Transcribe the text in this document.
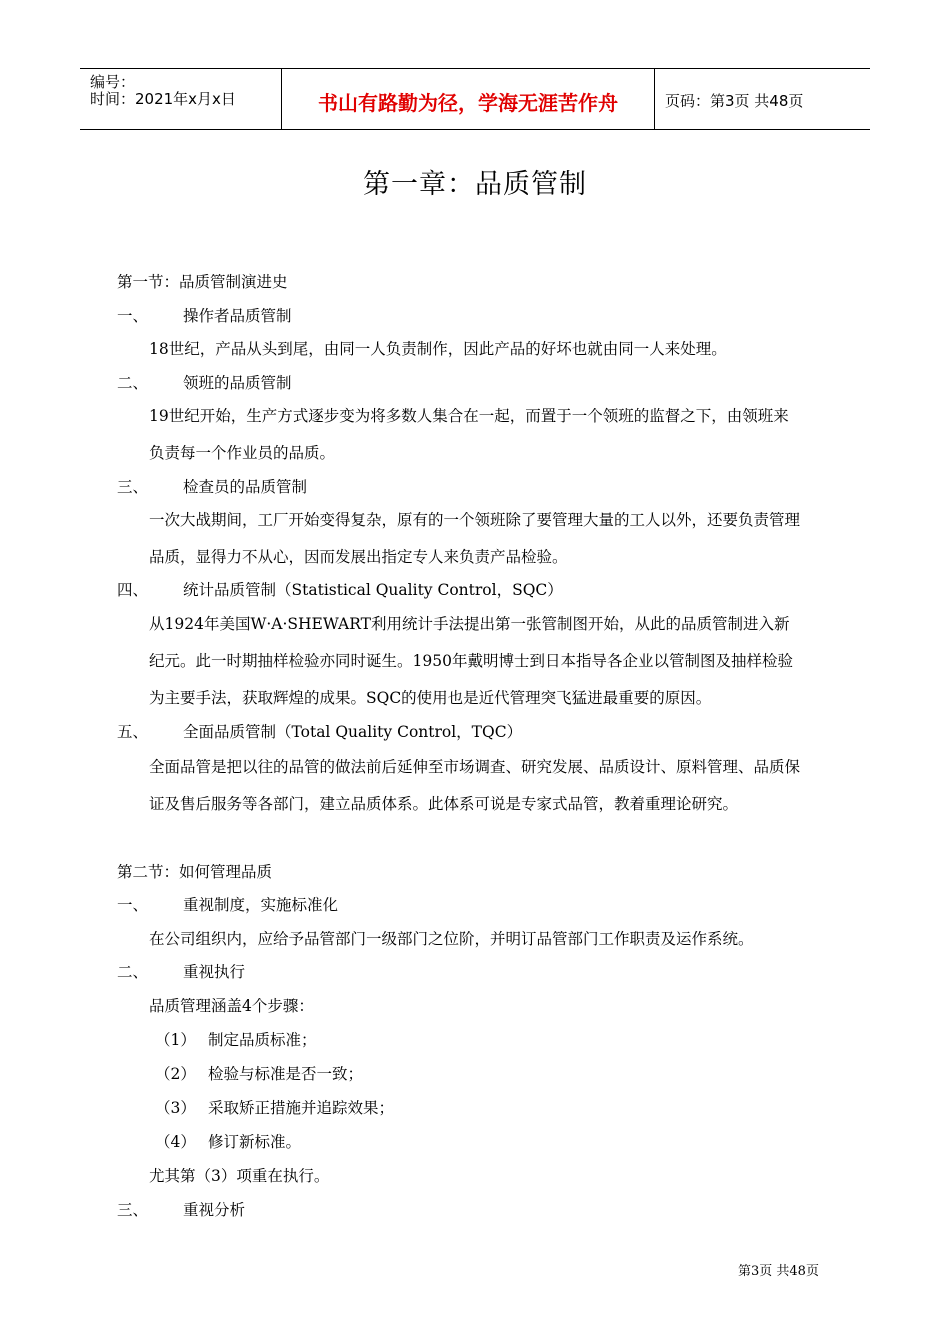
编号：
时间：2021年x月x日	书山有路勤为径，学海无涯苦作舟	页码：第3页 共48页
第一章：品质管制
第一节：品质管制演进史
一、 操作者品质管制
18世纪，产品从头到尾，由同一人负责制作，因此产品的好坏也就由同一人来处理。
二、 领班的品质管制
19世纪开始，生产方式逐步变为将多数人集合在一起，而置于一个领班的监督之下，由领班来
负责每一个作业员的品质。
三、 检查员的品质管制
一次大战期间，工厂开始变得复杂，原有的一个领班除了要管理大量的工人以外，还要负责管理
品质，显得力不从心，因而发展出指定专人来负责产品检验。
四、 统计品质管制（Statistical Quality Control，SQC）
从1924年美国W·A·SHEWART利用统计手法提出第一张管制图开始，从此的品质管制进入新
纪元。此一时期抽样检验亦同时诞生。1950年戴明博士到日本指导各企业以管制图及抽样检验
为主要手法，获取辉煌的成果。SQC的使用也是近代管理突飞猛进最重要的原因。
五、 全面品质管制（Total Quality Control，TQC）
全面品管是把以往的品管的做法前后延伸至市场调查、研究发展、品质设计、原料管理、品质保
证及售后服务等各部门，建立品质体系。此体系可说是专家式品管，教着重理论研究。
第二节：如何管理品质
一、 重视制度，实施标准化
在公司组织内，应给予品管部门一级部门之位阶，并明订品管部门工作职责及运作系统。
二、 重视执行
品质管理涵盖4个步骤：
（1） 制定品质标准；
（2） 检验与标准是否一致；
（3） 采取矫正措施并追踪效果；
（4） 修订新标准。
尤其第（3）项重在执行。
三、 重视分析
第3页 共48页
